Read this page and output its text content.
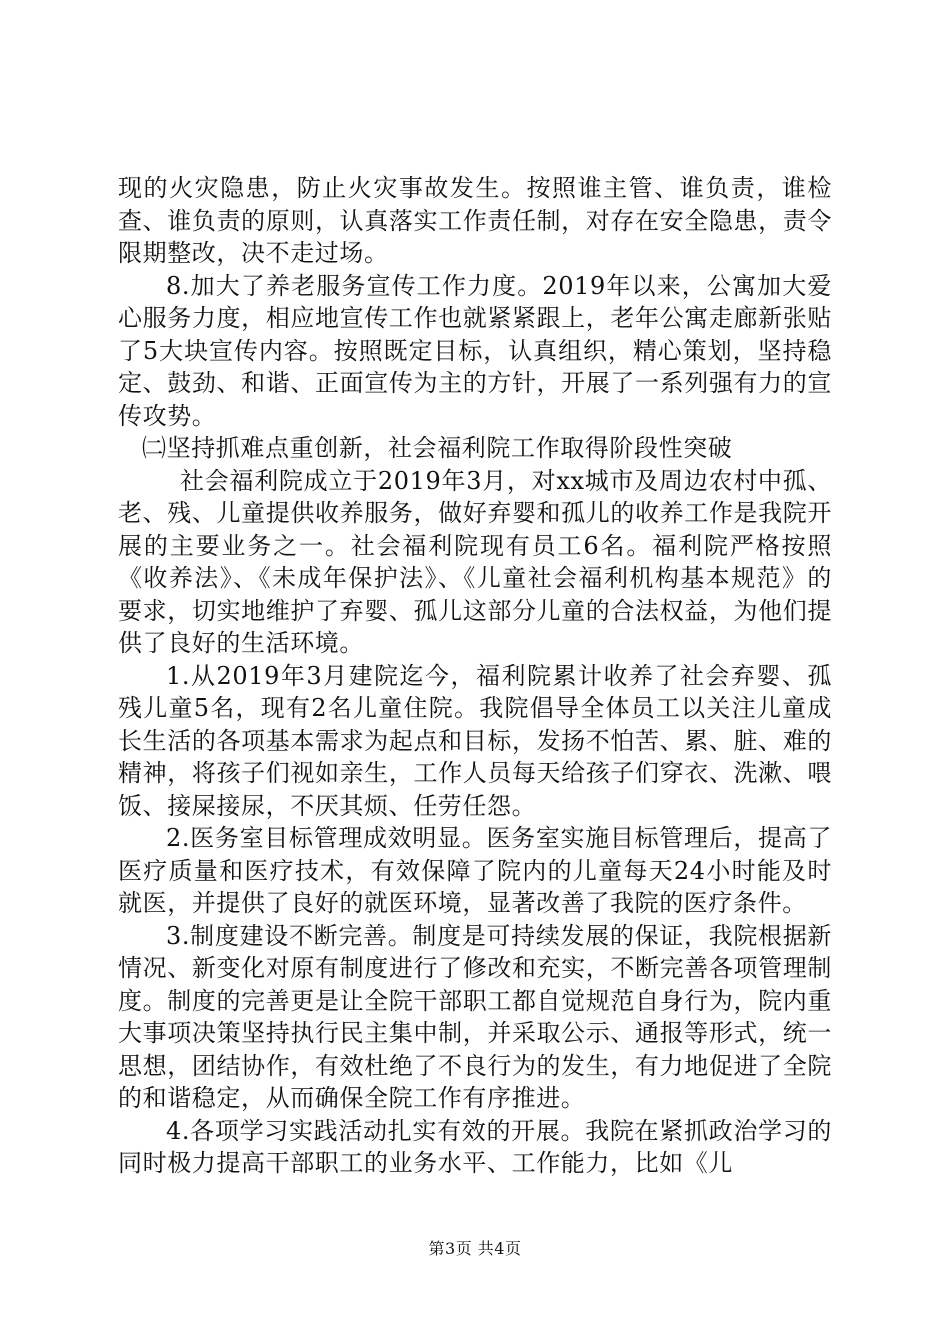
现的火灾隐患，防止火灾事故发生。按照谁主管、谁负责，谁检查、谁负责的原则，认真落实工作责任制，对存在安全隐患，责令限期整改，决不走过场。

8.加大了养老服务宣传工作力度。2019年以来，公寓加大爱心服务力度，相应地宣传工作也就紧紧跟上，老年公寓走廊新张贴了5大块宣传内容。按照既定目标，认真组织，精心策划，坚持稳定、鼓劲、和谐、正面宣传为主的方针，开展了一系列强有力的宣传攻势。

㈡坚持抓难点重创新，社会福利院工作取得阶段性突破

社会福利院成立于2019年3月，对xx城市及周边农村中孤、老、残、儿童提供收养服务，做好弃婴和孤儿的收养工作是我院开展的主要业务之一。社会福利院现有员工6名。福利院严格按照《收养法》、《未成年保护法》、《儿童社会福利机构基本规范》的要求，切实地维护了弃婴、孤儿这部分儿童的合法权益，为他们提供了良好的生活环境。

1.从2019年3月建院迄今，福利院累计收养了社会弃婴、孤残儿童5名，现有2名儿童住院。我院倡导全体员工以关注儿童成长生活的各项基本需求为起点和目标，发扬不怕苦、累、脏、难的精神，将孩子们视如亲生，工作人员每天给孩子们穿衣、洗漱、喂饭、接屎接尿，不厌其烦、任劳任怨。

2.医务室目标管理成效明显。医务室实施目标管理后，提高了医疗质量和医疗技术，有效保障了院内的儿童每天24小时能及时就医，并提供了良好的就医环境，显著改善了我院的医疗条件。

3.制度建设不断完善。制度是可持续发展的保证，我院根据新情况、新变化对原有制度进行了修改和充实，不断完善各项管理制度。制度的完善更是让全院干部职工都自觉规范自身行为，院内重大事项决策坚持执行民主集中制，并采取公示、通报等形式，统一思想，团结协作，有效杜绝了不良行为的发生，有力地促进了全院的和谐稳定，从而确保全院工作有序推进。

4.各项学习实践活动扎实有效的开展。我院在紧抓政治学习的同时极力提高干部职工的业务水平、工作能力，比如《儿

第3页 共4页
